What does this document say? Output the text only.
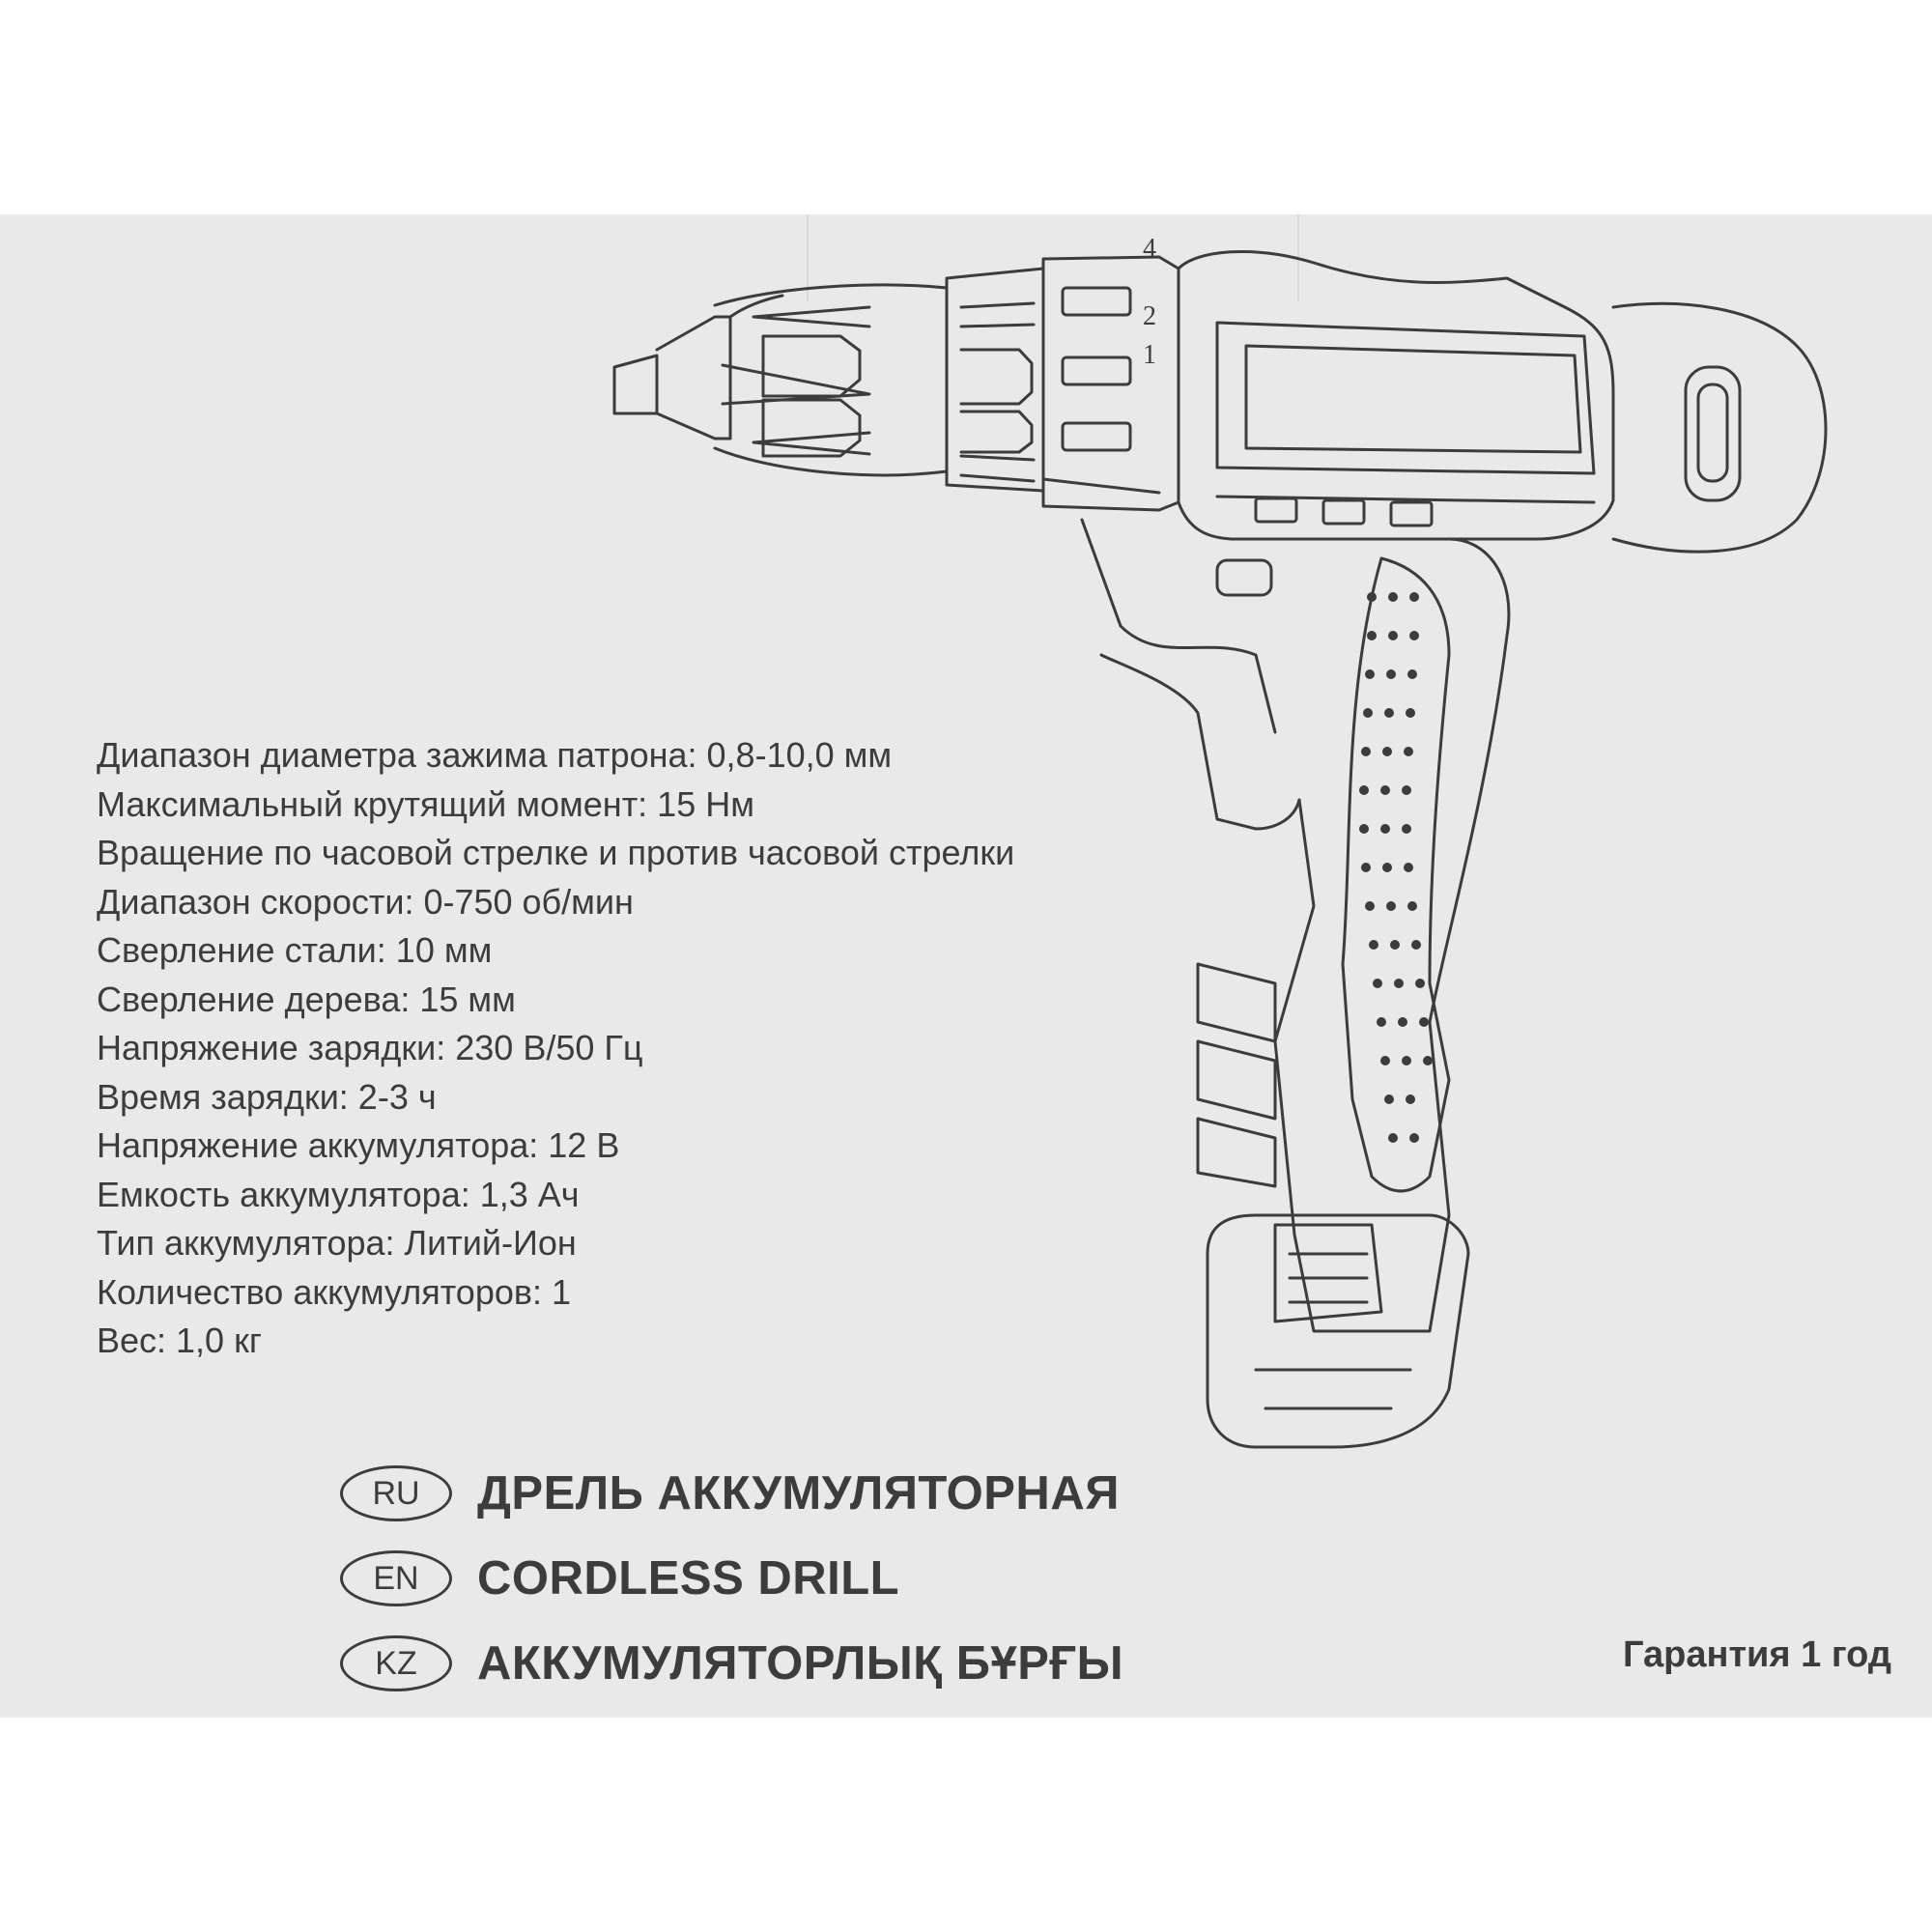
4
2
1
Диапазон диаметра зажима патрона: 0,8-10,0 мм
Максимальный крутящий момент: 15 Нм
Вращение по часовой стрелке и против часовой стрелки
Диапазон скорости: 0-750 об/мин
Сверление стали: 10 мм
Сверление дерева: 15 мм
Напряжение зарядки: 230 В/50 Гц
Время зарядки: 2-3 ч
Напряжение аккумулятора: 12 В
Емкость аккумулятора: 1,3 Ач
Тип аккумулятора: Литий-Ион
Количество аккумуляторов: 1
Вес: 1,0 кг
RU	ДРЕЛЬ АККУМУЛЯТОРНАЯ
EN	CORDLESS DRILL
KZ	АККУМУЛЯТОРЛЫҚ БҰРҒЫ	Гарантия 1 год
